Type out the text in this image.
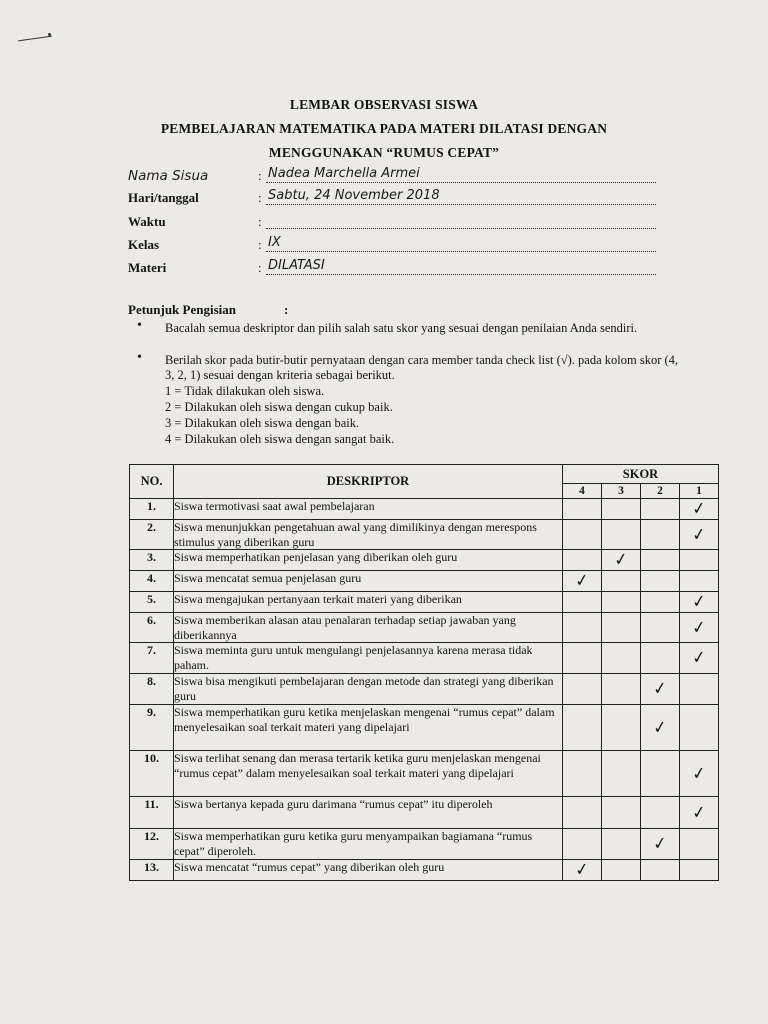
LEMBAR OBSERVASI SISWA
PEMBELAJARAN MATEMATIKA PADA MATERI DILATASI DENGAN
MENGGUNAKAN “RUMUS CEPAT”
Nama Sisua	: Nadea Marchella Armei
Hari/tanggal	: Sabtu, 24 November 2018
Waktu	:
Kelas	: IX
Materi	: DILATASI
Petunjuk Pengisian	:
• Bacalah semua deskriptor dan pilih salah satu skor yang sesuai dengan penilaian Anda sendiri.
• Berilah skor pada butir-butir pernyataan dengan cara member tanda check list (√). pada kolom skor (4, 3, 2, 1) sesuai dengan kriteria sebagai berikut.
1 = Tidak dilakukan oleh siswa.
2 = Dilakukan oleh siswa dengan cukup baik.
3 = Dilakukan oleh siswa dengan baik.
4 = Dilakukan oleh siswa dengan sangat baik.
NO.	DESKRIPTOR	SKOR			
		4	3	2	1
1.	Siswa termotivasi saat awal pembelajaran				✓
2.	Siswa menunjukkan pengetahuan awal yang dimilikinya dengan merespons stimulus yang diberikan guru				✓
3.	Siswa memperhatikan penjelasan yang diberikan oleh guru		✓		
4.	Siswa mencatat semua penjelasan guru	✓			
5.	Siswa mengajukan pertanyaan terkait materi yang diberikan				✓
6.	Siswa memberikan alasan atau penalaran terhadap setiap jawaban yang diberikannya				✓
7.	Siswa meminta guru untuk mengulangi penjelasannya karena merasa tidak paham.				✓
8.	Siswa bisa mengikuti pembelajaran dengan metode dan strategi yang diberikan guru			✓	
9.	Siswa memperhatikan guru ketika menjelaskan mengenai “rumus cepat” dalam menyelesaikan soal terkait materi yang dipelajari			✓	
10.	Siswa terlihat senang dan merasa tertarik ketika guru menjelaskan mengenai “rumus cepat” dalam menyelesaikan soal terkait materi yang dipelajari				✓
11.	Siswa bertanya kepada guru darimana “rumus cepat” itu diperoleh				✓
12.	Siswa memperhatikan guru ketika guru menyampaikan bagiamana “rumus cepat” diperoleh.			✓	
13.	Siswa mencatat “rumus cepat” yang diberikan oleh guru	✓			
